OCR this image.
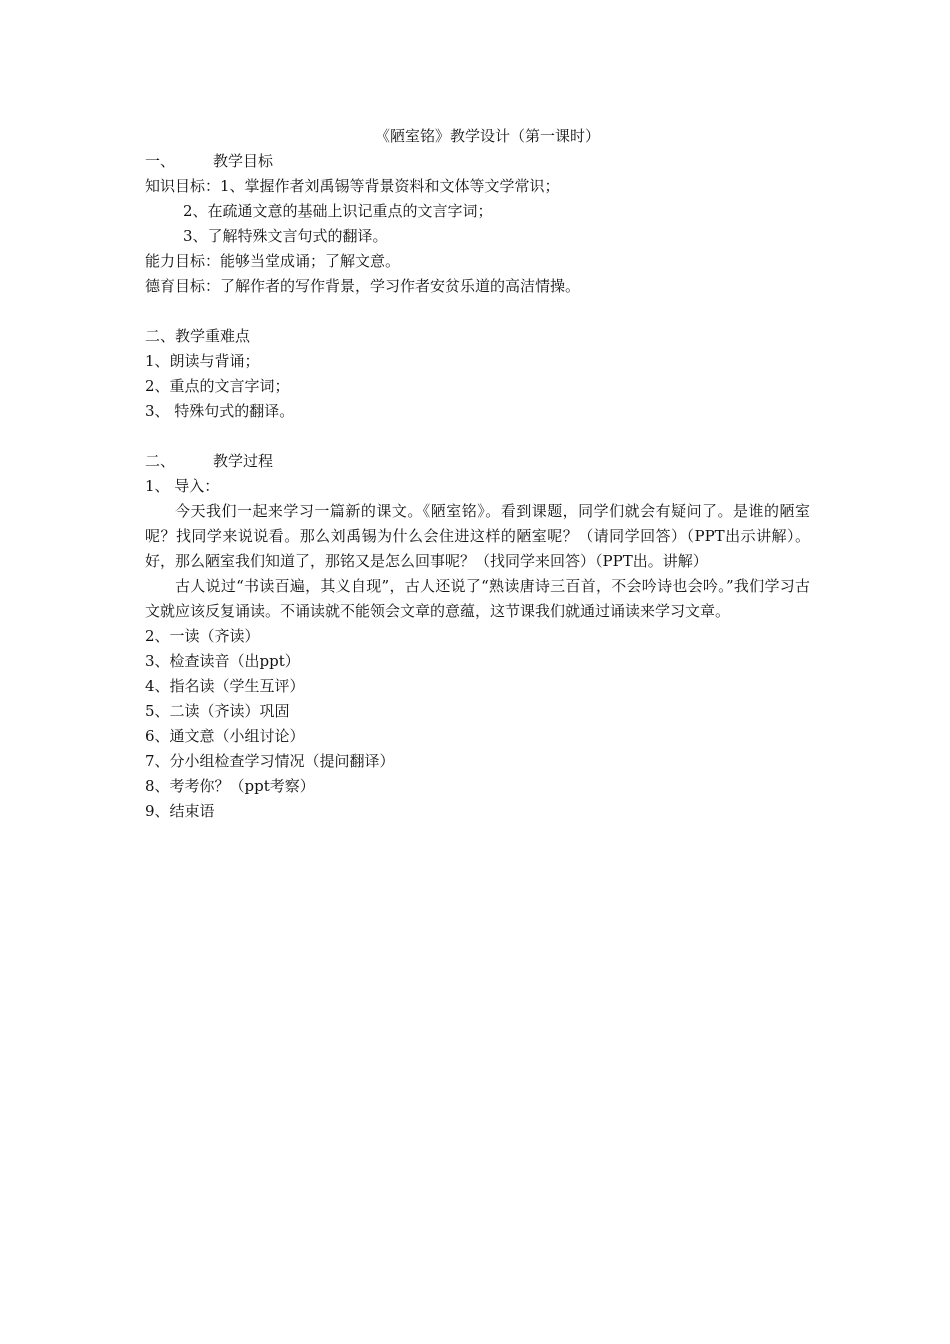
《陋室铭》教学设计（第一课时）
一、	教学目标
知识目标：1、掌握作者刘禹锡等背景资料和文体等文学常识；
2、在疏通文意的基础上识记重点的文言字词；
3、了解特殊文言句式的翻译。
能力目标：能够当堂成诵；了解文意。
德育目标：了解作者的写作背景，学习作者安贫乐道的高洁情操。
二、教学重难点
1、朗读与背诵；
2、重点的文言字词；
3、 特殊句式的翻译。
二、	教学过程
1、 导入：
今天我们一起来学习一篇新的课文。《陋室铭》。看到课题，同学们就会有疑问了。是谁的陋室呢？找同学来说说看。那么刘禹锡为什么会住进这样的陋室呢？（请同学回答）（PPT出示讲解）。好，那么陋室我们知道了，那铭又是怎么回事呢？（找同学来回答）（PPT出。讲解）
古人说过“书读百遍，其义自现”，古人还说了“熟读唐诗三百首，不会吟诗也会吟。”我们学习古文就应该反复诵读。不诵读就不能领会文章的意蕴，这节课我们就通过诵读来学习文章。
2、一读（齐读）
3、检查读音（出ppt）
4、指名读（学生互评）
5、二读（齐读）巩固
6、通文意（小组讨论）
7、分小组检查学习情况（提问翻译）
8、考考你？（ppt考察）
9、结束语
